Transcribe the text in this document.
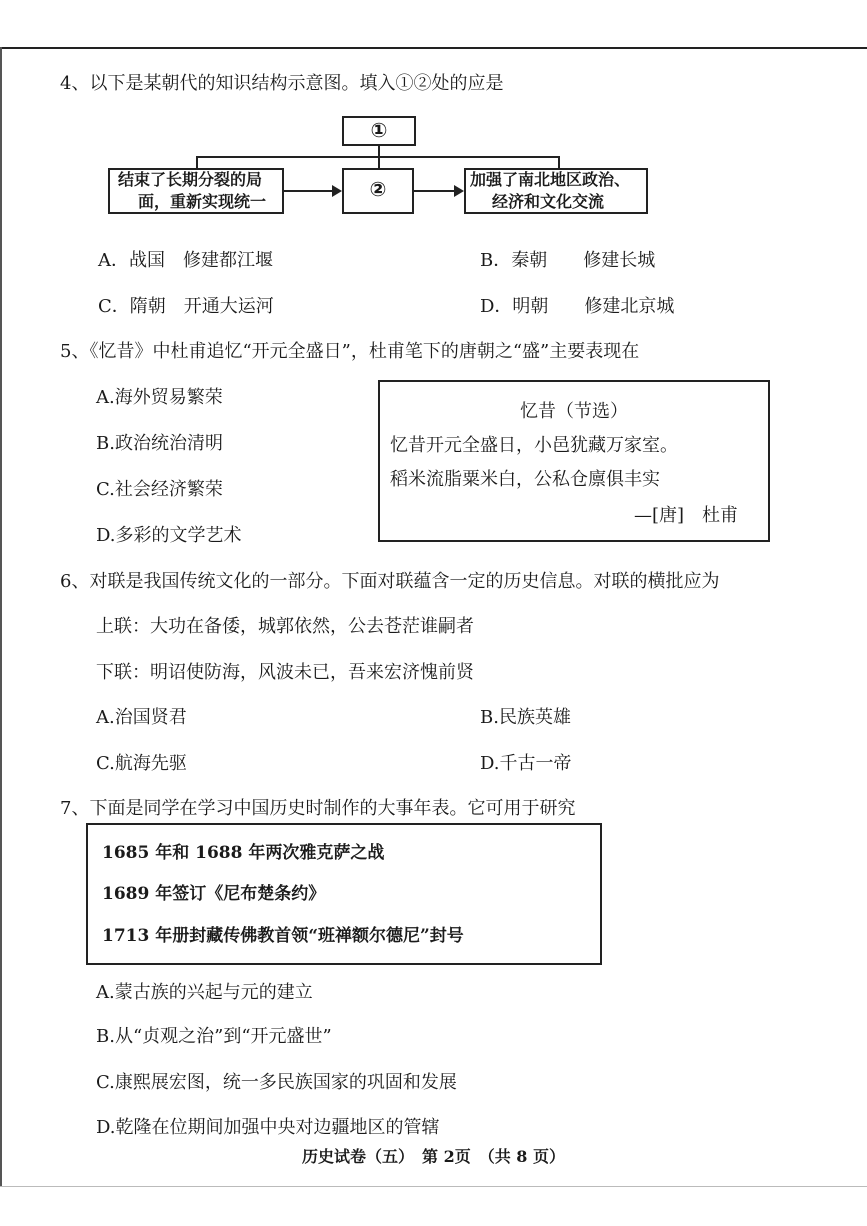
4、以下是某朝代的知识结构示意图。填入①②处的应是
①
结束了长期分裂的局
面，重新实现统一
②	加强了南北地区政治、
经济和文化交流
A．战国　修建都江堰	B．秦朝　　修建长城
C．隋朝　开通大运河	D．明朝　　修建北京城
5、《忆昔》中杜甫追忆“开元全盛日”，杜甫笔下的唐朝之“盛”主要表现在
A.海外贸易繁荣
B.政治统治清明
C.社会经济繁荣
D.多彩的文学艺术
忆昔（节选）
忆昔开元全盛日，小邑犹藏万家室。
稻米流脂粟米白，公私仓廪俱丰实
—[唐]　杜甫
6、对联是我国传统文化的一部分。下面对联蕴含一定的历史信息。对联的横批应为
上联：大功在备倭，城郭依然，公去苍茫谁嗣者
下联：明诏使防海，风波未已，吾来宏济愧前贤
A.治国贤君	B.民族英雄
C.航海先驱	D.千古一帝
7、下面是同学在学习中国历史时制作的大事年表。它可用于研究
1685 年和 1688 年两次雅克萨之战
1689 年签订《尼布楚条约》
1713 年册封藏传佛教首领“班禅额尔德尼”封号
A.蒙古族的兴起与元的建立
B.从“贞观之治”到“开元盛世”
C.康熙展宏图，统一多民族国家的巩固和发展
D.乾隆在位期间加强中央对边疆地区的管辖
历史试卷（五）　第 2页　（共 8 页）
